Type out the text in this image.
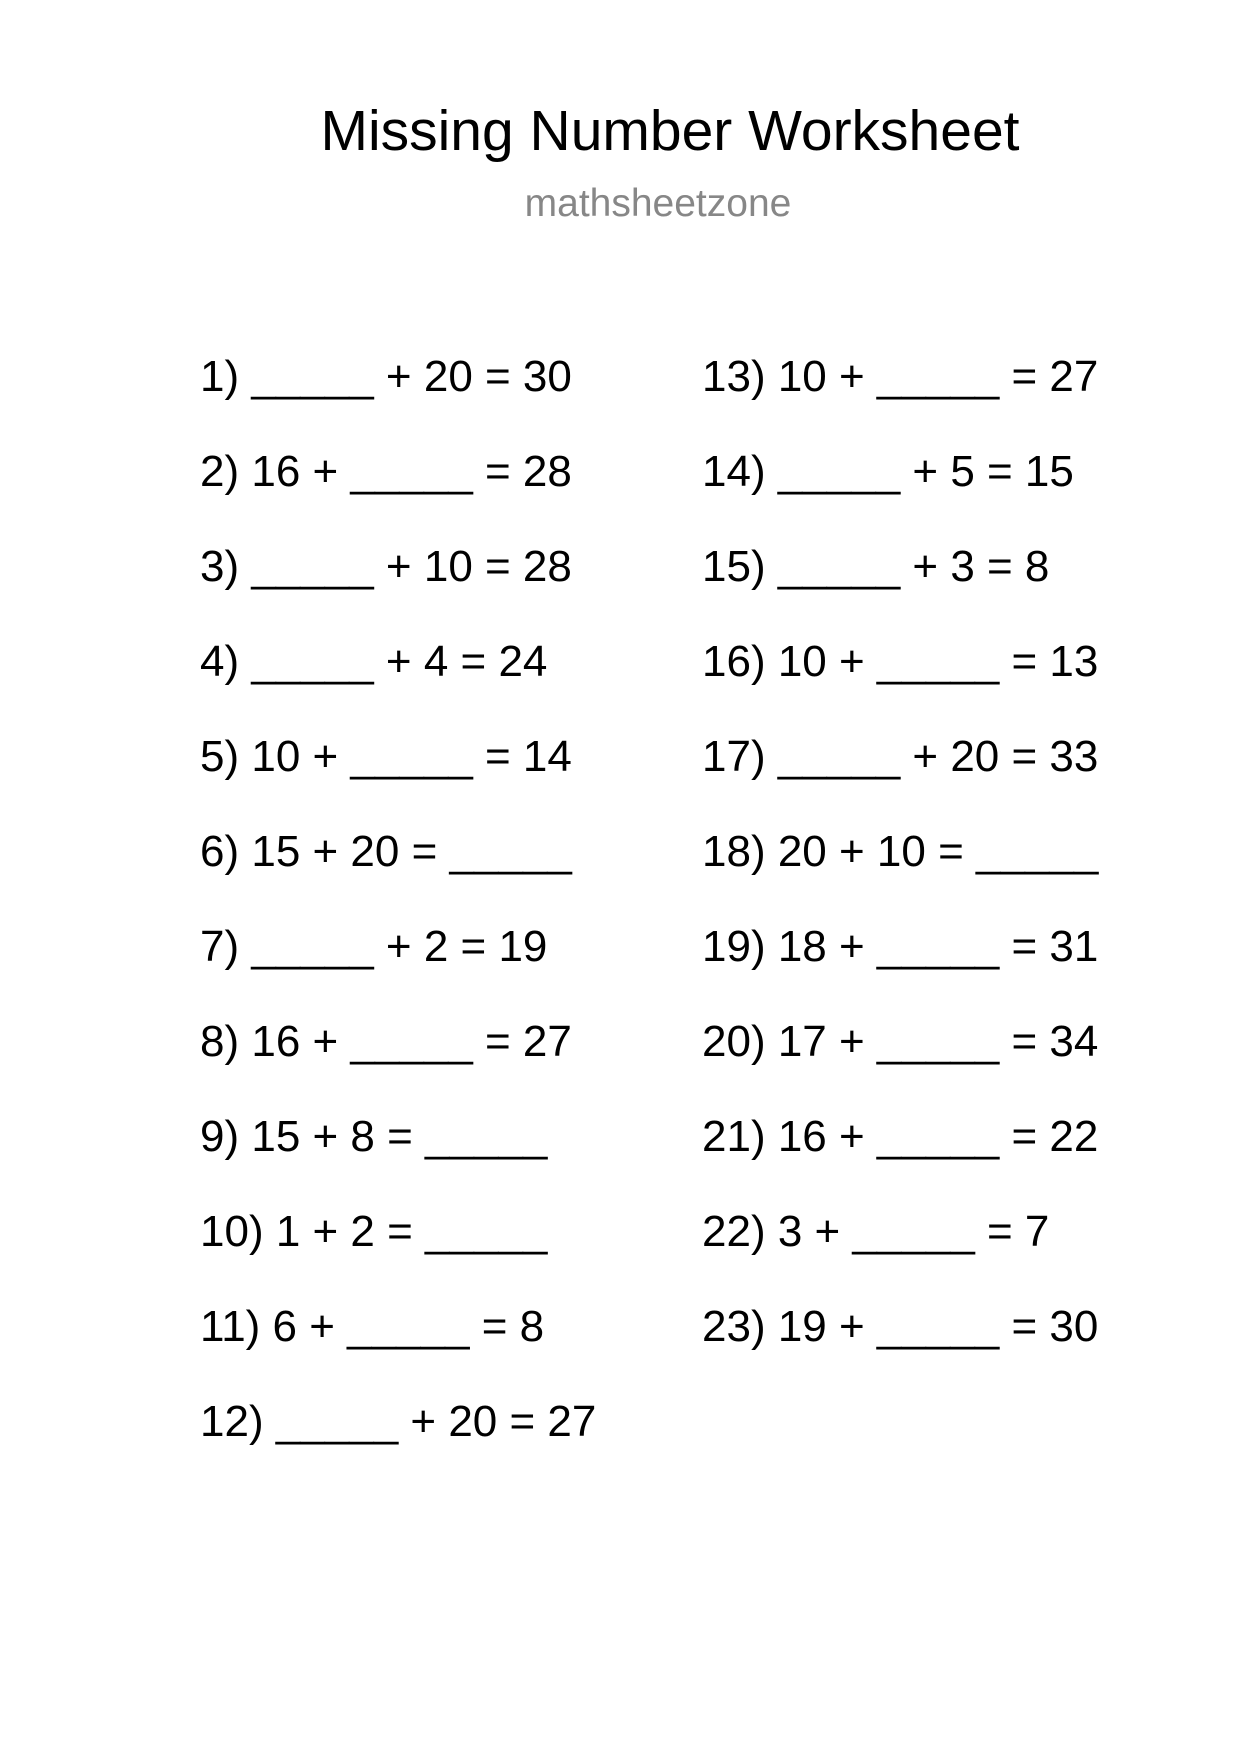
Missing Number Worksheet
mathsheetzone
1) _____ + 20 = 30
2) 16 + _____ = 28
3) _____ + 10 = 28
4) _____ + 4 = 24
5) 10 + _____ = 14
6) 15 + 20 = _____
7) _____ + 2 = 19
8) 16 + _____ = 27
9) 15 + 8 = _____
10) 1 + 2 = _____
11) 6 + _____ = 8
12) _____ + 20 = 27
13) 10 + _____ = 27
14) _____ + 5 = 15
15) _____ + 3 = 8
16) 10 + _____ = 13
17) _____ + 20 = 33
18) 20 + 10 = _____
19) 18 + _____ = 31
20) 17 + _____ = 34
21) 16 + _____ = 22
22) 3 + _____ = 7
23) 19 + _____ = 30
